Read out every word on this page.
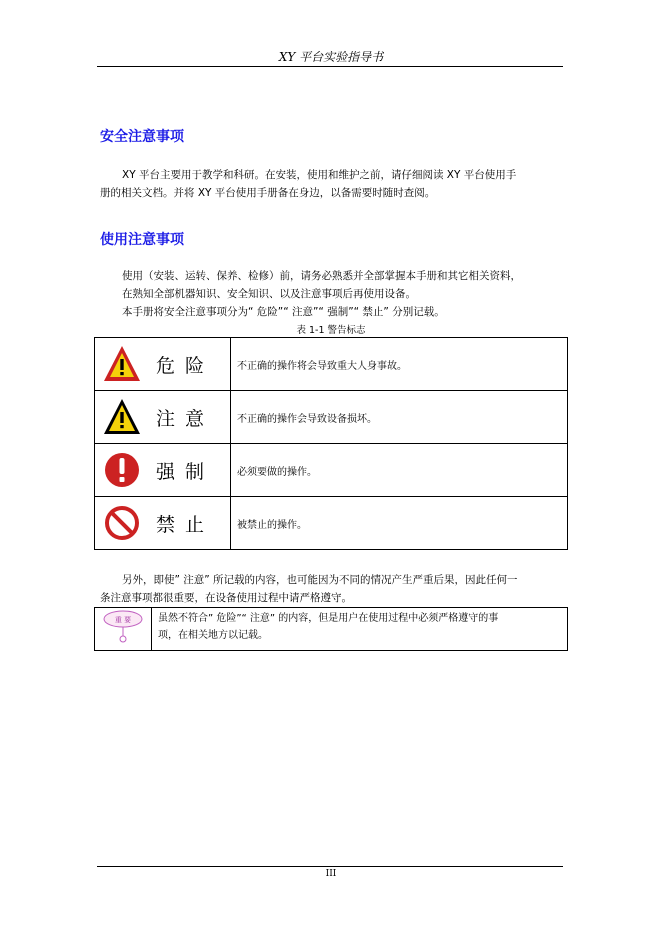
XY 平台实验指导书
安全注意事项

XY 平台主要用于教学和科研。在安装，使用和维护之前，请仔细阅读 XY 平台使用手

册的相关文档。并将 XY 平台使用手册备在身边，以备需要时随时查阅。

使用注意事项

使用（安装、运转、保养、检修）前，请务必熟悉并全部掌握本手册和其它相关资料，

在熟知全部机器知识、安全知识、以及注意事项后再使用设备。

本手册将安全注意事项分为“ 危险”“ 注意”“ 强制”“ 禁止” 分别记载。

表 1-1 警告标志
危险	不正确的操作将会导致重大人身事故。

注意	不正确的操作会导致设备损坏。

强制	必须要做的操作。

禁止	被禁止的操作。

另外，即使” 注意” 所记载的内容，也可能因为不同的情况产生严重后果，因此任何一

条注意事项都很重要，在设备使用过程中请严格遵守。

重 要	虽然不符合” 危险”“ 注意” 的内容，但是用户在使用过程中必须严格遵守的事
项，在相关地方以记载。
III
